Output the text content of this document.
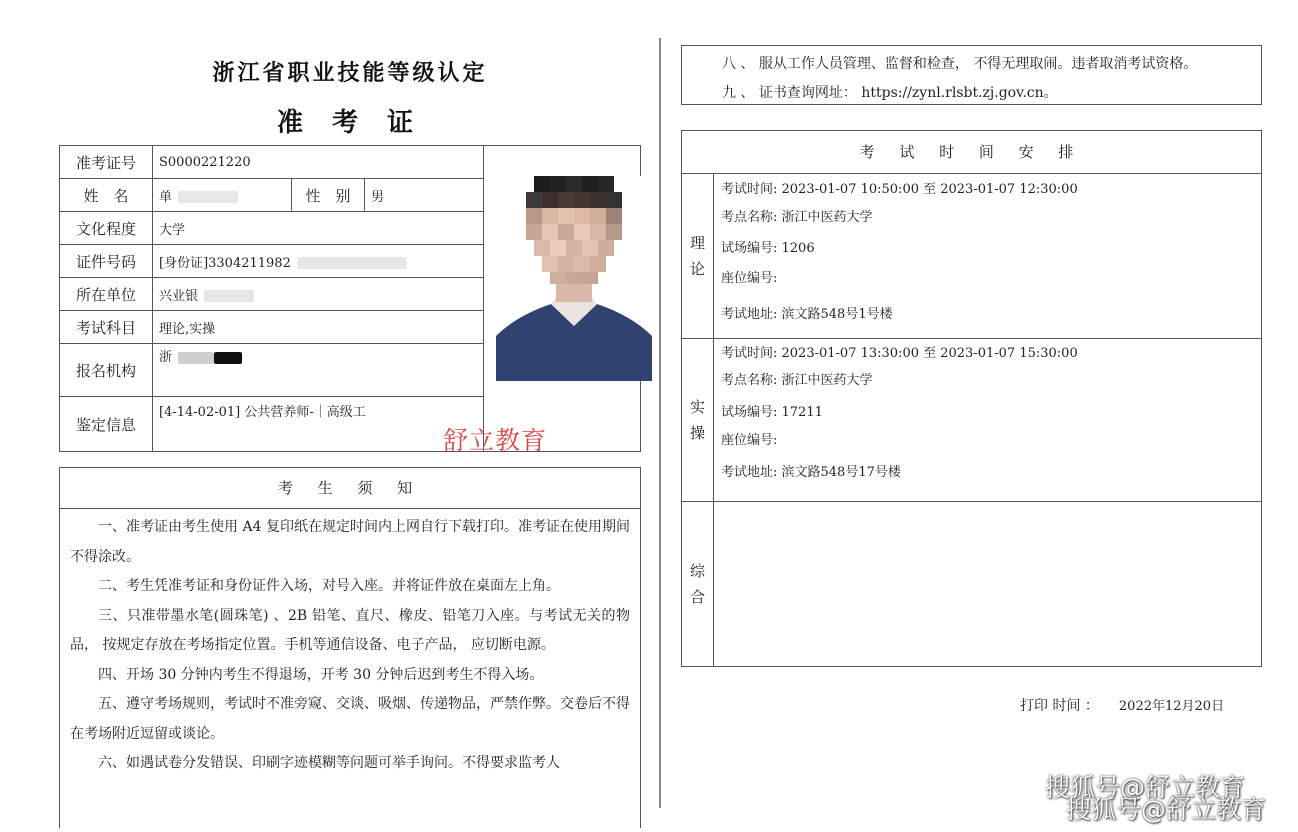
浙江省职业技能等级认定
准 考 证
准考证号	S0000221220	

姓　名	单	性　别	男	
文化程度	大学			
证件号码	[身份证]3304211982			
所在单位	兴业银			
考试科目	理论,实操			
报名机构	浙			
鉴定信息	[4-14-02-01] 公共营养师-｜高级工			
舒立教育
考 生 须 知

一、准考证由考生使用 A4 复印纸在规定时间内上网自行下载打印。准考证在使用期间不得涂改。

二、考生凭准考证和身份证件入场，对号入座。并将证件放在桌面左上角。

三、只准带墨水笔(圆珠笔) 、2B 铅笔、直尺、橡皮、铅笔刀入座。与考试无关的物品， 按规定存放在考场指定位置。手机等通信设备、电子产品， 应切断电源。

四、开场 30 分钟内考生不得退场，开考 30 分钟后迟到考生不得入场。

五、遵守考场规则，考试时不准旁窥、交谈、吸烟、传递物品，严禁作弊。交卷后不得在考场附近逗留或谈论。

六、如遇试卷分发错误、印刷字迹模糊等问题可举手询问。不得要求监考人

八 、 服从工作人员管理、监督和检查， 不得无理取闹。违者取消考试资格。
九 、 证书查询网址： https://zynl.rlsbt.zj.gov.cn。
考 试 时 间 安 排
理论
考试时间: 2023-01-07 10:50:00 至 2023-01-07 12:30:00
考点名称: 浙江中医药大学
试场编号: 1206
座位编号:
考试地址: 滨文路548号1号楼
实操
考试时间: 2023-01-07 13:30:00 至 2023-01-07 15:30:00
考点名称: 浙江中医药大学
试场编号: 17211
座位编号:
考试地址: 滨文路548号17号楼
综合
打印 时间 ： 2022年12月20日
搜狐号@舒立教育
搜狐号@舒立教育
